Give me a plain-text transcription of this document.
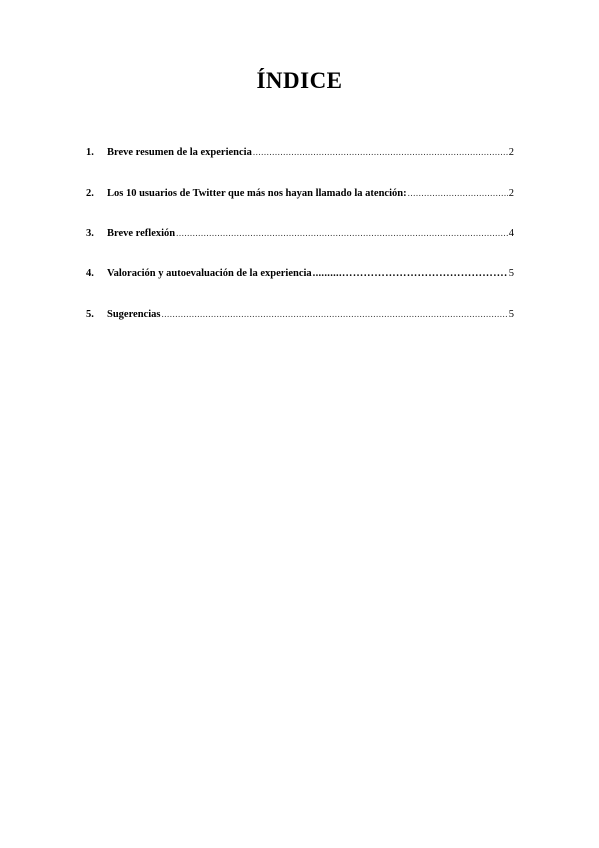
ÍNDICE
1.	Breve resumen de la experiencia .....	2
2.	Los 10 usuarios de Twitter que más nos hayan llamado la atención: .....	2
3.	Breve reflexión .....	4
4.	Valoración y autoevaluación de la experiencia ..........…………………………………………………………………………………………………………………………………………………………………	5
5.	Sugerencias .....	5
